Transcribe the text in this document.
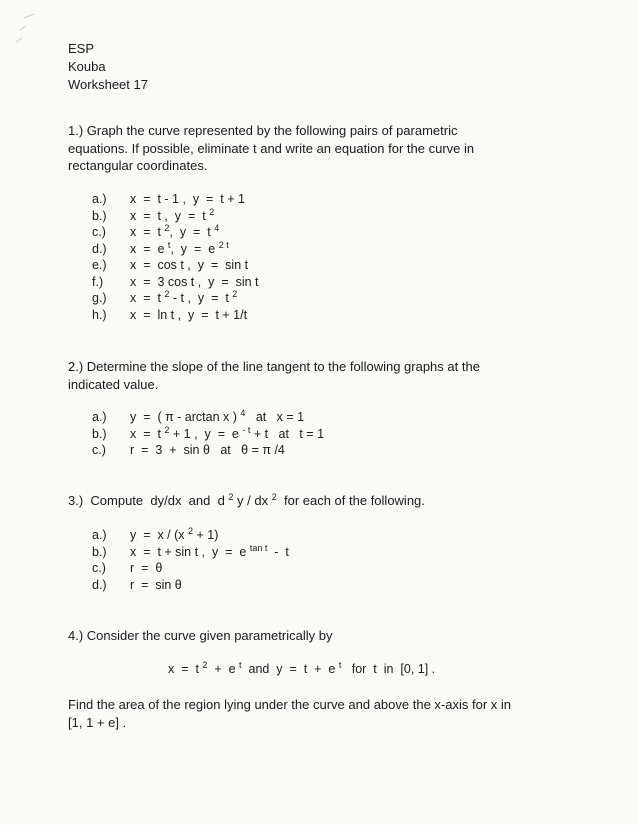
ESP
Kouba
Worksheet 17
1.) Graph the curve represented by the following pairs of parametric equations. If possible, eliminate t and write an equation for the curve in rectangular coordinates.
a.) x  =  t - 1 ,  y  =  t + 1
b.) x  =  t ,  y  =  t $^2$
c.) x  =  t $^2$,  y  =  t $^4$
d.) x  =  e $^t$,  y  =  e $^{2 t}$
e.) x  =  cos t ,  y  =  sin t
f.) x  =  3 cos t ,  y  =  sin t
g.) x  =  t $^2$ - t ,  y  =  t $^2$
h.) x  =  ln t ,  y  =  t + 1/t
2.) Determine the slope of the line tangent to the following graphs at the indicated value.
a.) y  =  ( π - arctan x ) $^4$   at   x = 1
b.) x  =  t $^2$ + 1 ,  y  =  e $^{- t}$ + t   at   t = 1
c.) r  =  3  +  sin θ   at   θ = π /4
3.)  Compute  dy/dx  and  d $^2$ y / dx $^2$  for each of the following.
a.) y  =  x / (x $^2$ + 1)
b.) x  =  t + sin t ,  y  =  e $^{tan t}$  -  t
c.) r  =  θ
d.) r  =  sin θ
4.) Consider the curve given parametrically by
x  =  t $^2$  +  e $^t$  and  y  =  t  +  e $^t$   for  t  in  [0, 1] .
Find the area of the region lying under the curve and above the x-axis for x in [1, 1 + e] .
